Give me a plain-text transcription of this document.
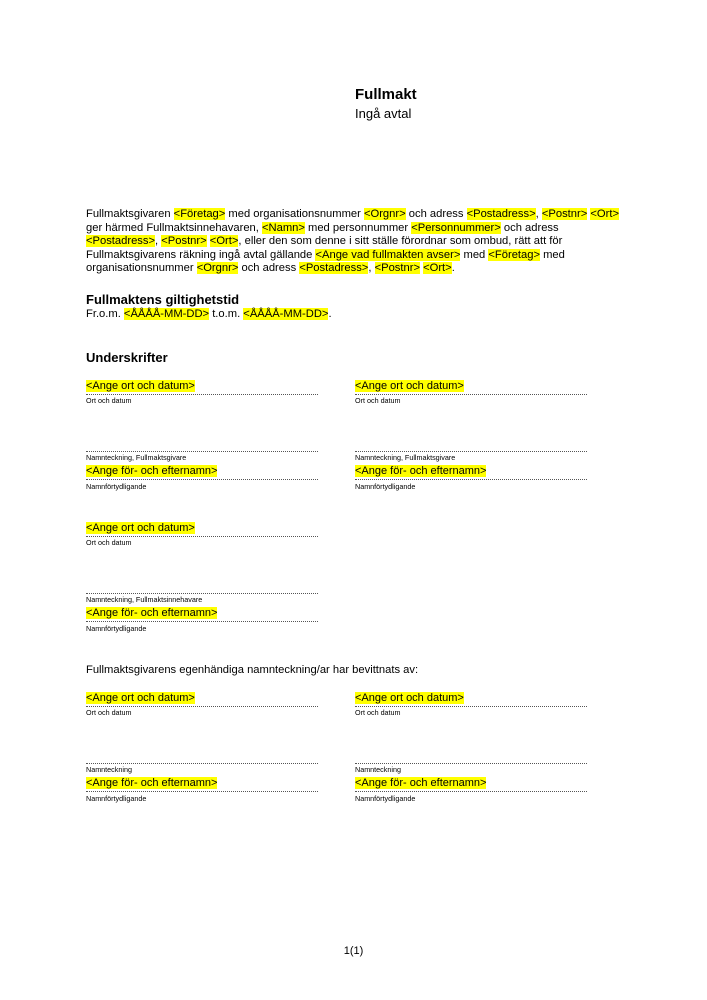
Fullmakt
Ingå avtal
Fullmaktsgivaren <Företag> med organisationsnummer <Orgnr> och adress <Postadress>, <Postnr> <Ort> ger härmed Fullmaktsinnehavaren, <Namn> med personnummer <Personnummer> och adress <Postadress>, <Postnr> <Ort>, eller den som denne i sitt ställe förordnar som ombud, rätt att för Fullmaktsgivarens räkning ingå avtal gällande <Ange vad fullmakten avser> med <Företag> med organisationsnummer <Orgnr> och adress <Postadress>, <Postnr> <Ort>.
Fullmaktens giltighetstid
Fr.o.m. <ÅÅÅÅ-MM-DD> t.o.m. <ÅÅÅÅ-MM-DD>.
Underskrifter
<Ange ort och datum>
Ort och datum
Namnteckning, Fullmaktsgivare
<Ange för- och efternamn>
Namnförtydligande
<Ange ort och datum>
Ort och datum
Namnteckning, Fullmaktsgivare
<Ange för- och efternamn>
Namnförtydligande
<Ange ort och datum>
Ort och datum
Namnteckning, Fullmaktsinnehavare
<Ange för- och efternamn>
Namnförtydligande
Fullmaktsgivarens egenhändiga namnteckning/ar har bevittnats av:
<Ange ort och datum>
Ort och datum
Namnteckning
<Ange för- och efternamn>
Namnförtydligande
<Ange ort och datum>
Ort och datum
Namnteckning
<Ange för- och efternamn>
Namnförtydligande
1(1)
